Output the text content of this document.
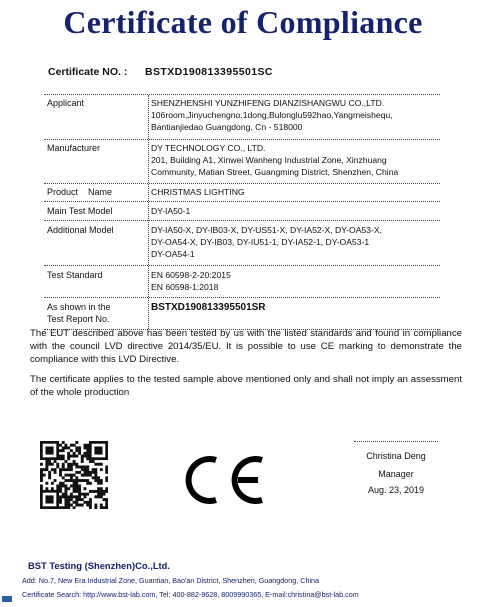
Certificate of Compliance
Certificate NO. : BSTXD190813395501SC
Applicant	SHENZHENSHI YUNZHIFENG DIANZISHANGWU CO.,LTD.
106room,Jinyuchengno.1dong,Bulonglu592hao,Yangmeishequ,
Bantianjiedao Guangdong, Cn - 518000
Manufacturer	DY TECHNOLOGY CO., LTD.
201, Building A1, Xinwei Wanheng Industrial Zone, Xinzhuang
Community, Matian Street, Guangming District, Shenzhen, China
Product    Name	CHRISTMAS LIGHTING
Main Test Model	DY-IA50-1
Additional Model	DY-IA50-X, DY-IB03-X, DY-US51-X, DY-IA52-X, DY-OA53-X,
DY-OA54-X, DY-IB03, DY-IU51-1, DY-IA52-1, DY-OA53-1
DY-OA54-1
Test Standard	EN 60598-2-20:2015
EN 60598-1:2018
As shown in the
Test Report No.
BSTXD190813395501SR
The EUT described above has been tested by us with the listed standards and found in compliance with the council LVD directive 2014/35/EU. It is possible to use CE marking to demonstrate the compliance with this LVD Directive.
The certificate applies to the tested sample above mentioned only and shall not imply an assessment of the whole production
Christina Deng
Manager
Aug. 23, 2019
BST Testing (Shenzhen)Co.,Ltd.
Add: No.7, New Era Industrial Zone, Guantian, Bao'an District, Shenzhen, Guangdong, China
Certificate Search: http://www.bst-lab.com, Tel: 400-882-9628, 8009990365, E-mail:christina@bst-lab.com
